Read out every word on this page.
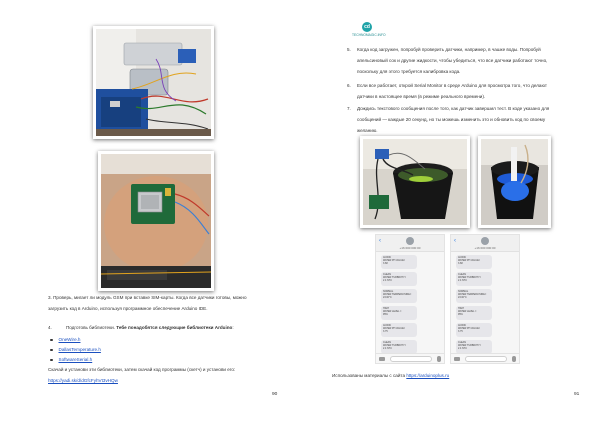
3. Проверь, мигает ли модуль GSM при вставке SIM-карты. Когда все датчики готовы, можно
загрузить код в Arduino, используя программное обеспечение Arduino IDE.
4.	Подготовь библиотеки. Тебе понадобятся следующие библиотеки Arduino:
OneWire.h
DallasTemperature.h
SoftwareSerial.h
Скачай и установи эти библиотеки, затем скачай код программы (скетч) и установи его:
https://yadi.sk/d/dGfcFyhVt3vHQw
90
cd
TECHNOMAGIC.INFO
5. Когда код загружен, попробуй проверить датчики, например, в чашке воды. Попробуй
апельсиновый сок и другие жидкости, чтобы убедиться, что все датчики работают точно,
поскольку для этого требуется калибровка кода.
6. Если все работает, открой Serial Monitor в среде Arduino для просмотра того, что делают
датчики в настоящее время (в режиме реального времени).
7. Дождись текстового сообщения после того, как датчик завершил тест. В коде указано для
сообщений — каждые 20 секунд, но ты можешь изменить это и обновить код по своему
желанию.
‹
+16 000 000 00
ACIDIC
WATER PH VALUE=
3.68
CLEAN
WATER TURBIDITY=
2.4 NTU
NORMAL
WATER TEMPERATURE=
23.00°C
HIGH
WATER LEVEL =
95%
ACIDIC
WATER PH VALUE=
3.75
CLEAN
WATER TURBIDITY=
2.4 NTU
‹
+16 000 000 00
ACIDIC
WATER PH VALUE=
3.68
CLEAN
WATER TURBIDITY=
2.4 NTU
NORMAL
WATER TEMPERATURE=
23.00°C
HIGH
WATER LEVEL =
95%
ACIDIC
WATER PH VALUE=
3.75
CLEAN
WATER TURBIDITY=
2.4 NTU
Использованы материалы с сайта https://arduinoplus.ru
91
